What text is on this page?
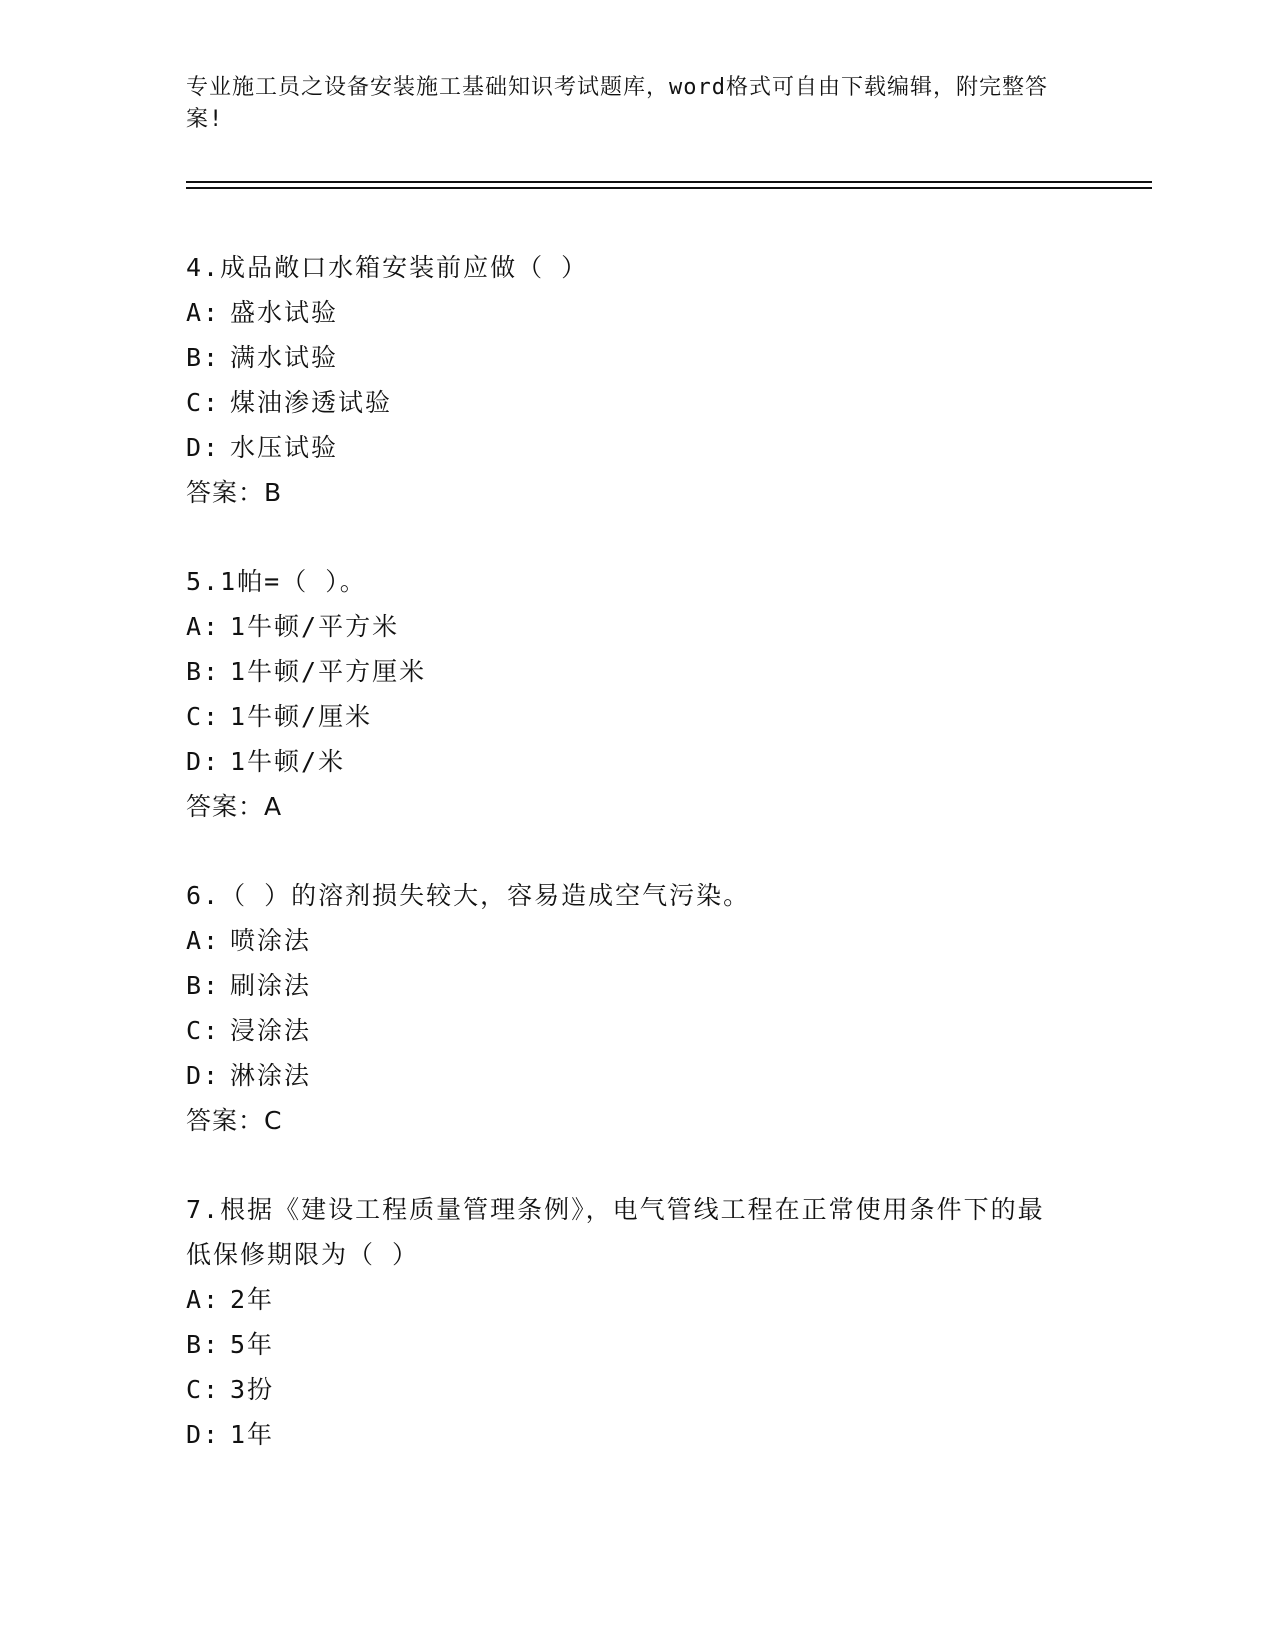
专业施工员之设备安装施工基础知识考试题库，word格式可自由下载编辑，附完整答案!

4.成品敞口水箱安装前应做（ ）

A: 盛水试验

B: 满水试验

C: 煤油渗透试验

D: 水压试验

答案：B

5.1帕=（ ）。

A: 1牛顿/平方米

B: 1牛顿/平方厘米

C: 1牛顿/厘米

D: 1牛顿/米

答案：A

6.（ ）的溶剂损失较大，容易造成空气污染。

A: 喷涂法

B: 刷涂法

C: 浸涂法

D: 淋涂法

答案：C

7.根据《建设工程质量管理条例》，电气管线工程在正常使用条件下的最低保修期限为（ ）

A: 2年

B: 5年

C: 3扮

D: 1年
